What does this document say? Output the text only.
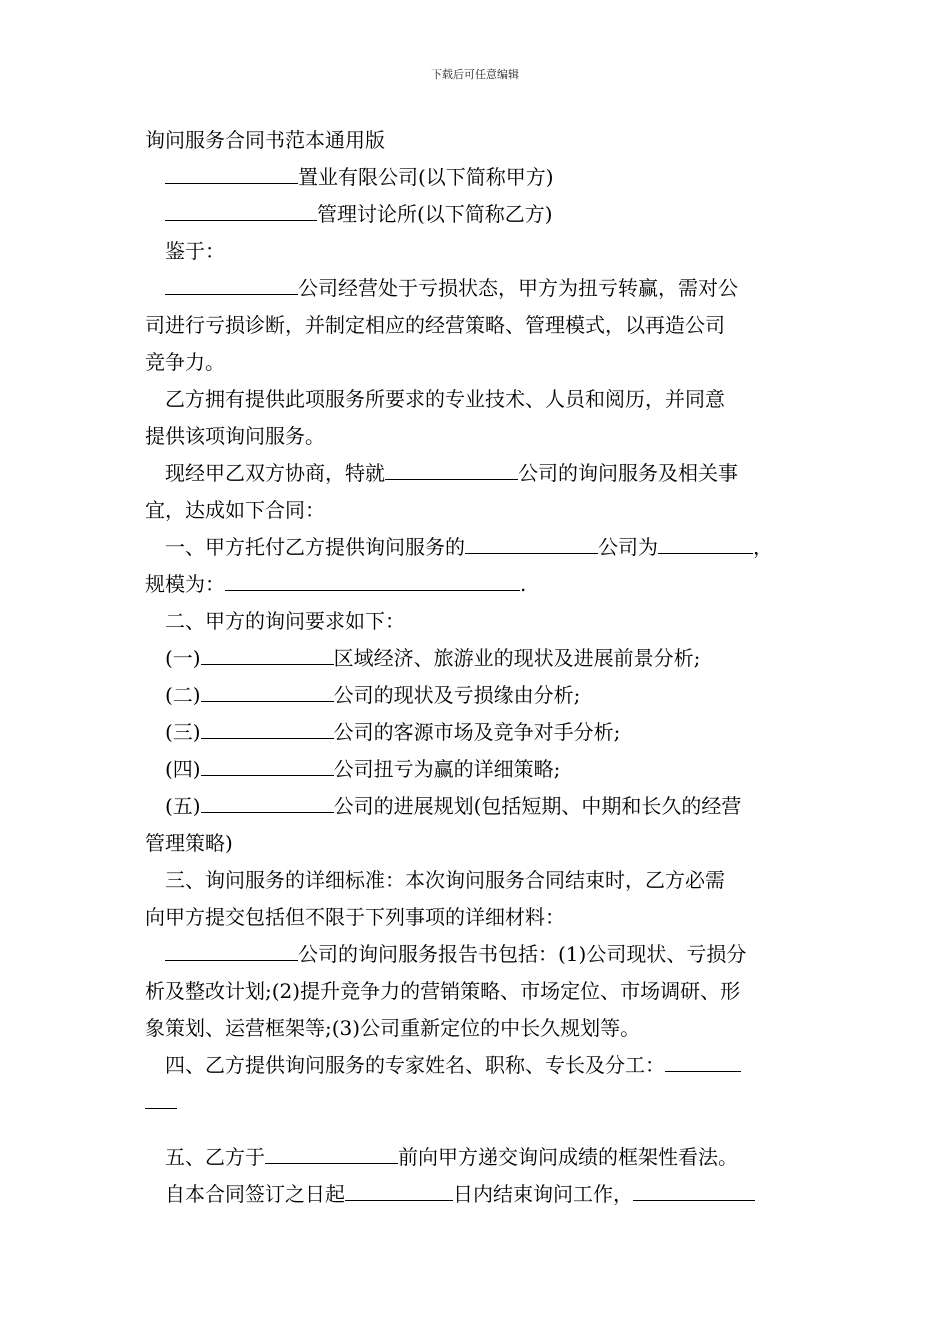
下载后可任意编辑
询问服务合同书范本通用版
置业有限公司(以下简称甲方)
管理讨论所(以下简称乙方)
鉴于：
公司经营处于亏损状态，甲方为扭亏转赢，需对公
司进行亏损诊断，并制定相应的经营策略、管理模式，以再造公司
竞争力。
乙方拥有提供此项服务所要求的专业技术、人员和阅历，并同意
提供该项询问服务。
现经甲乙双方协商，特就	公司的询问服务及相关事
宜，达成如下合同：
一、甲方托付乙方提供询问服务的	公司为	，
规模为：	.
二、甲方的询问要求如下：
(一)	区域经济、旅游业的现状及进展前景分析;
(二)	公司的现状及亏损缘由分析;
(三)	公司的客源市场及竞争对手分析;
(四)	公司扭亏为赢的详细策略;
(五)	公司的进展规划(包括短期、中期和长久的经营
管理策略)
三、询问服务的详细标准：本次询问服务合同结束时，乙方必需
向甲方提交包括但不限于下列事项的详细材料：
公司的询问服务报告书包括：(1)公司现状、亏损分
析及整改计划;(2)提升竞争力的营销策略、市场定位、市场调研、形
象策划、运营框架等;(3)公司重新定位的中长久规划等。
四、乙方提供询问服务的专家姓名、职称、专长及分工：
五、乙方于	前向甲方递交询问成绩的框架性看法。
自本合同签订之日起	日内结束询问工作，
